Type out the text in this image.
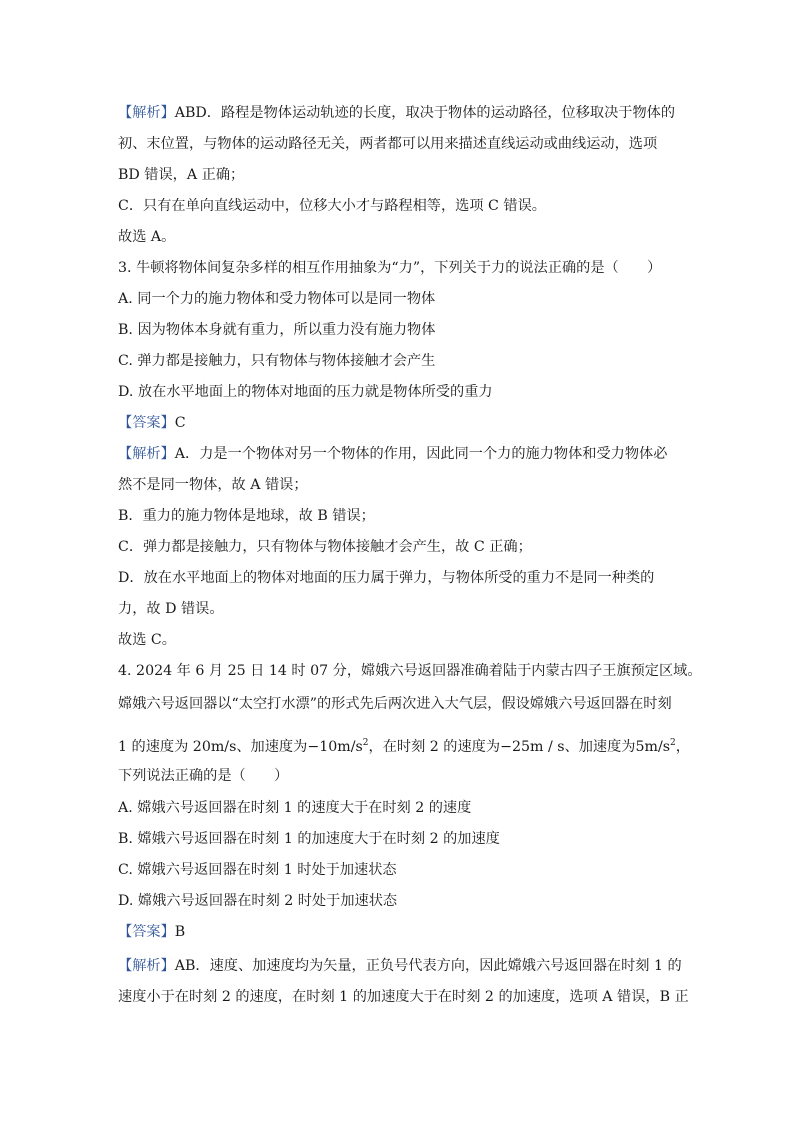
【解析】ABD．路程是物体运动轨迹的长度，取决于物体的运动路径，位移取决于物体的
初、末位置，与物体的运动路径无关，两者都可以用来描述直线运动或曲线运动，选项
BD 错误，A 正确；
C．只有在单向直线运动中，位移大小才与路程相等，选项 C 错误。
故选 A。
3. 牛顿将物体间复杂多样的相互作用抽象为“力”，下列关于力的说法正确的是（　　）
A. 同一个力的施力物体和受力物体可以是同一物体
B. 因为物体本身就有重力，所以重力没有施力物体
C. 弹力都是接触力，只有物体与物体接触才会产生
D. 放在水平地面上的物体对地面的压力就是物体所受的重力
【答案】C
【解析】A．力是一个物体对另一个物体的作用，因此同一个力的施力物体和受力物体必
然不是同一物体，故 A 错误；
B．重力的施力物体是地球，故 B 错误；
C．弹力都是接触力，只有物体与物体接触才会产生，故 C 正确；
D．放在水平地面上的物体对地面的压力属于弹力，与物体所受的重力不是同一种类的
力，故 D 错误。
故选 C。
4. 2024 年 6 月 25 日 14 时 07 分，嫦娥六号返回器准确着陆于内蒙古四子王旗预定区域。
嫦娥六号返回器以“太空打水漂”的形式先后两次进入大气层，假设嫦娥六号返回器在时刻
1 的速度为 20m/s、加速度为$-10m/s^2$，在时刻 2 的速度为−25m / s、加速度为$5m/s^2$，
下列说法正确的是（　　）
A. 嫦娥六号返回器在时刻 1 的速度大于在时刻 2 的速度
B. 嫦娥六号返回器在时刻 1 的加速度大于在时刻 2 的加速度
C. 嫦娥六号返回器在时刻 1 时处于加速状态
D. 嫦娥六号返回器在时刻 2 时处于加速状态
【答案】B
【解析】AB．速度、加速度均为矢量，正负号代表方向，因此嫦娥六号返回器在时刻 1 的
速度小于在时刻 2 的速度，在时刻 1 的加速度大于在时刻 2 的加速度，选项 A 错误，B 正
